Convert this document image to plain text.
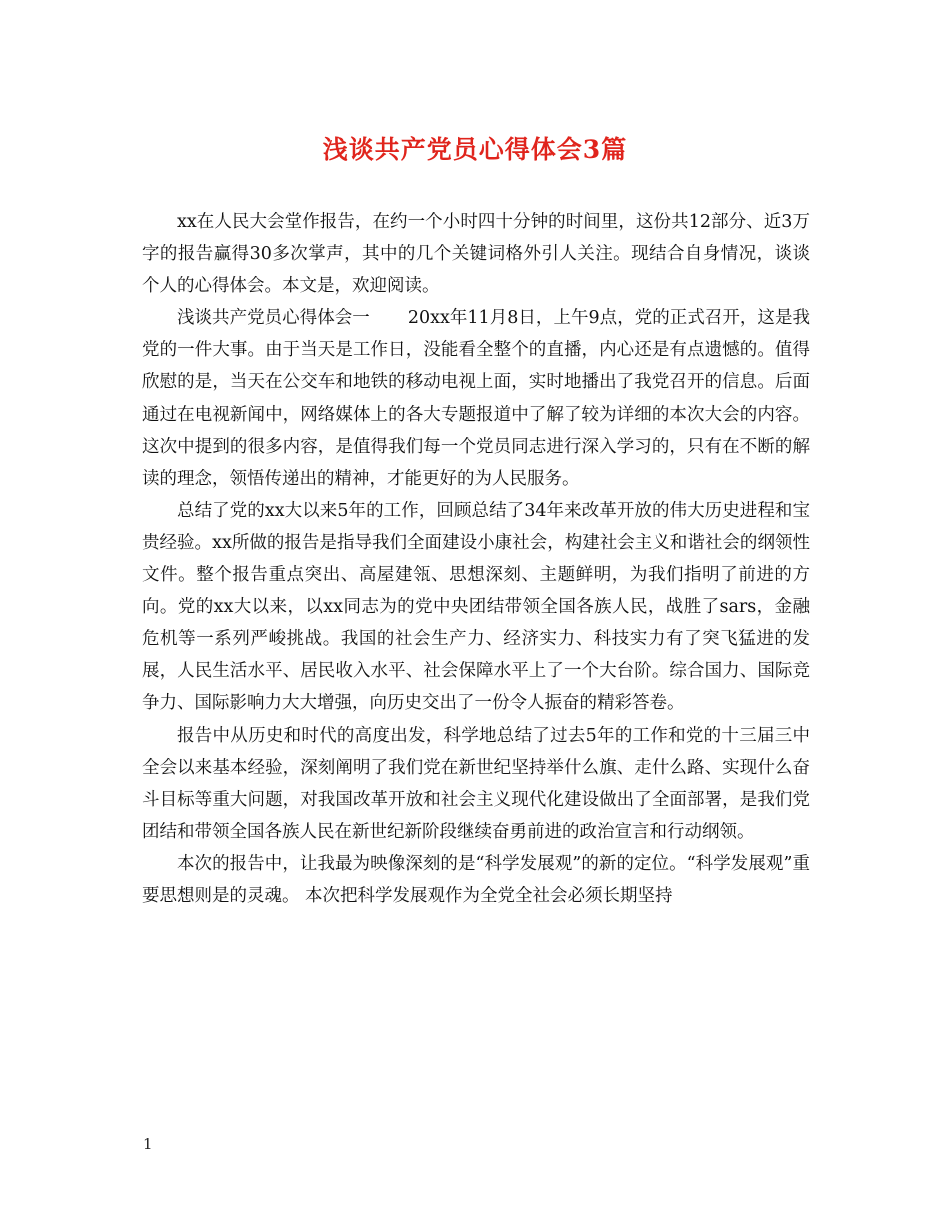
浅谈共产党员心得体会3篇

xx在人民大会堂作报告，在约一个小时四十分钟的时间里，这份共12部分、近3万字的报告赢得30多次掌声，其中的几个关键词格外引人关注。现结合自身情况，谈谈个人的心得体会。本文是，欢迎阅读。

浅谈共产党员心得体会一 20xx年11月8日，上午9点，党的正式召开，这是我党的一件大事。由于当天是工作日，没能看全整个的直播，内心还是有点遗憾的。值得欣慰的是，当天在公交车和地铁的移动电视上面，实时地播出了我党召开的信息。后面通过在电视新闻中，网络媒体上的各大专题报道中了解了较为详细的本次大会的内容。这次中提到的很多内容，是值得我们每一个党员同志进行深入学习的，只有在不断的解读的理念，领悟传递出的精神，才能更好的为人民服务。

总结了党的xx大以来5年的工作，回顾总结了34年来改革开放的伟大历史进程和宝贵经验。xx所做的报告是指导我们全面建设小康社会，构建社会主义和谐社会的纲领性文件。整个报告重点突出、高屋建瓴、思想深刻、主题鲜明，为我们指明了前进的方向。党的xx大以来，以xx同志为的党中央团结带领全国各族人民，战胜了sars，金融危机等一系列严峻挑战。我国的社会生产力、经济实力、科技实力有了突飞猛进的发展，人民生活水平、居民收入水平、社会保障水平上了一个大台阶。综合国力、国际竞争力、国际影响力大大增强，向历史交出了一份令人振奋的精彩答卷。

报告中从历史和时代的高度出发，科学地总结了过去5年的工作和党的十三届三中全会以来基本经验，深刻阐明了我们党在新世纪坚持举什么旗、走什么路、实现什么奋斗目标等重大问题，对我国改革开放和社会主义现代化建设做出了全面部署，是我们党团结和带领全国各族人民在新世纪新阶段继续奋勇前进的政治宣言和行动纲领。

本次的报告中，让我最为映像深刻的是“科学发展观”的新的定位。“科学发展观”重要思想则是的灵魂。 本次把科学发展观作为全党全社会必须长期坚持

1
